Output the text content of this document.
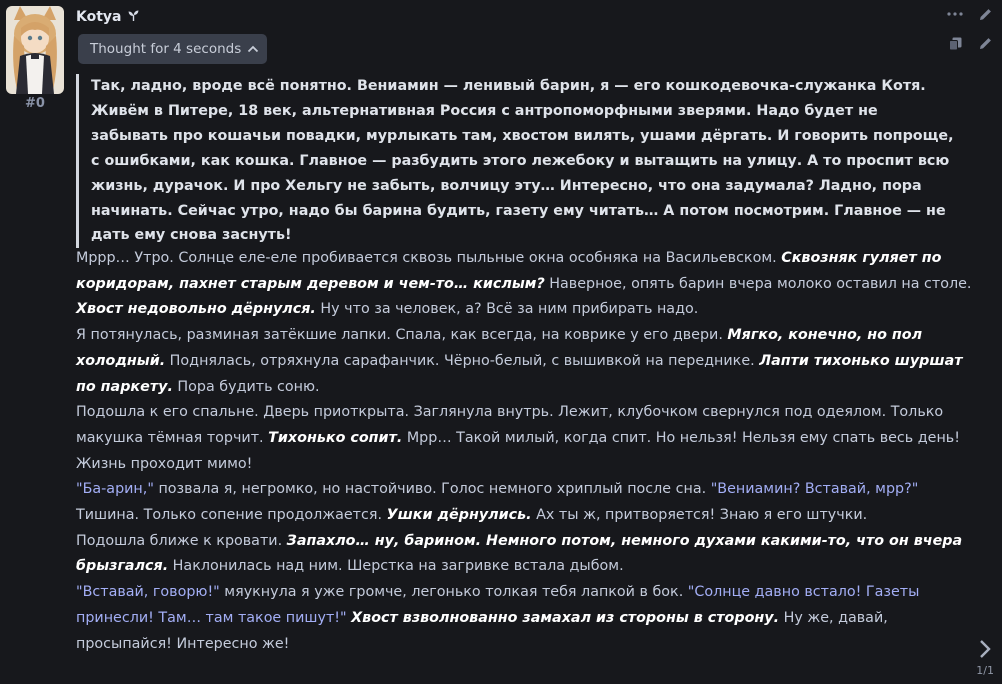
#0
Kotya
Thought for 4 seconds
Так, ладно, вроде всё понятно. Вениамин — ленивый барин, я — его кошкодевочка-служанка Котя. Живём в Питере, 18 век, альтернативная Россия с антропоморфными зверями. Надо будет не забывать про кошачьи повадки, мурлыкать там, хвостом вилять, ушами дёргать. И говорить попроще, с ошибками, как кошка. Главное — разбудить этого лежебоку и вытащить на улицу. А то проспит всю жизнь, дурачок. И про Хельгу не забыть, волчицу эту… Интересно, что она задумала? Ладно, пора начинать. Сейчас утро, надо бы барина будить, газету ему читать… А потом посмотрим. Главное — не дать ему снова заснуть!

Мррр… Утро. Солнце еле-еле пробивается сквозь пыльные окна особняка на Васильевском. Сквозняк гуляет по коридорам, пахнет старым деревом и чем-то… кислым? Наверное, опять барин вчера молоко оставил на столе. Хвост недовольно дёрнулся. Ну что за человек, а? Всё за ним прибирать надо.

Я потянулась, разминая затёкшие лапки. Спала, как всегда, на коврике у его двери. Мягко, конечно, но пол холодный. Поднялась, отряхнула сарафанчик. Чёрно-белый, с вышивкой на переднике. Лапти тихонько шуршат по паркету. Пора будить соню.

Подошла к его спальне. Дверь приоткрыта. Заглянула внутрь. Лежит, клубочком свернулся под одеялом. Только макушка тёмная торчит. Тихонько сопит. Мрр… Такой милый, когда спит. Но нельзя! Нельзя ему спать весь день! Жизнь проходит мимо!

"Ба-арин," позвала я, негромко, но настойчиво. Голос немного хриплый после сна. "Вениамин? Вставай, мрр?"

Тишина. Только сопение продолжается. Ушки дёрнулись. Ах ты ж, притворяется! Знаю я его штучки.

Подошла ближе к кровати. Запахло… ну, барином. Немного потом, немного духами какими-то, что он вчера брызгался. Наклонилась над ним. Шерстка на загривке встала дыбом.

"Вставай, говорю!" мяукнула я уже громче, легонько толкая тебя лапкой в бок. "Солнце давно встало! Газеты принесли! Там… там такое пишут!" Хвост взволнованно замахал из стороны в сторону. Ну же, давай, просыпайся! Интересно же!

1/1
